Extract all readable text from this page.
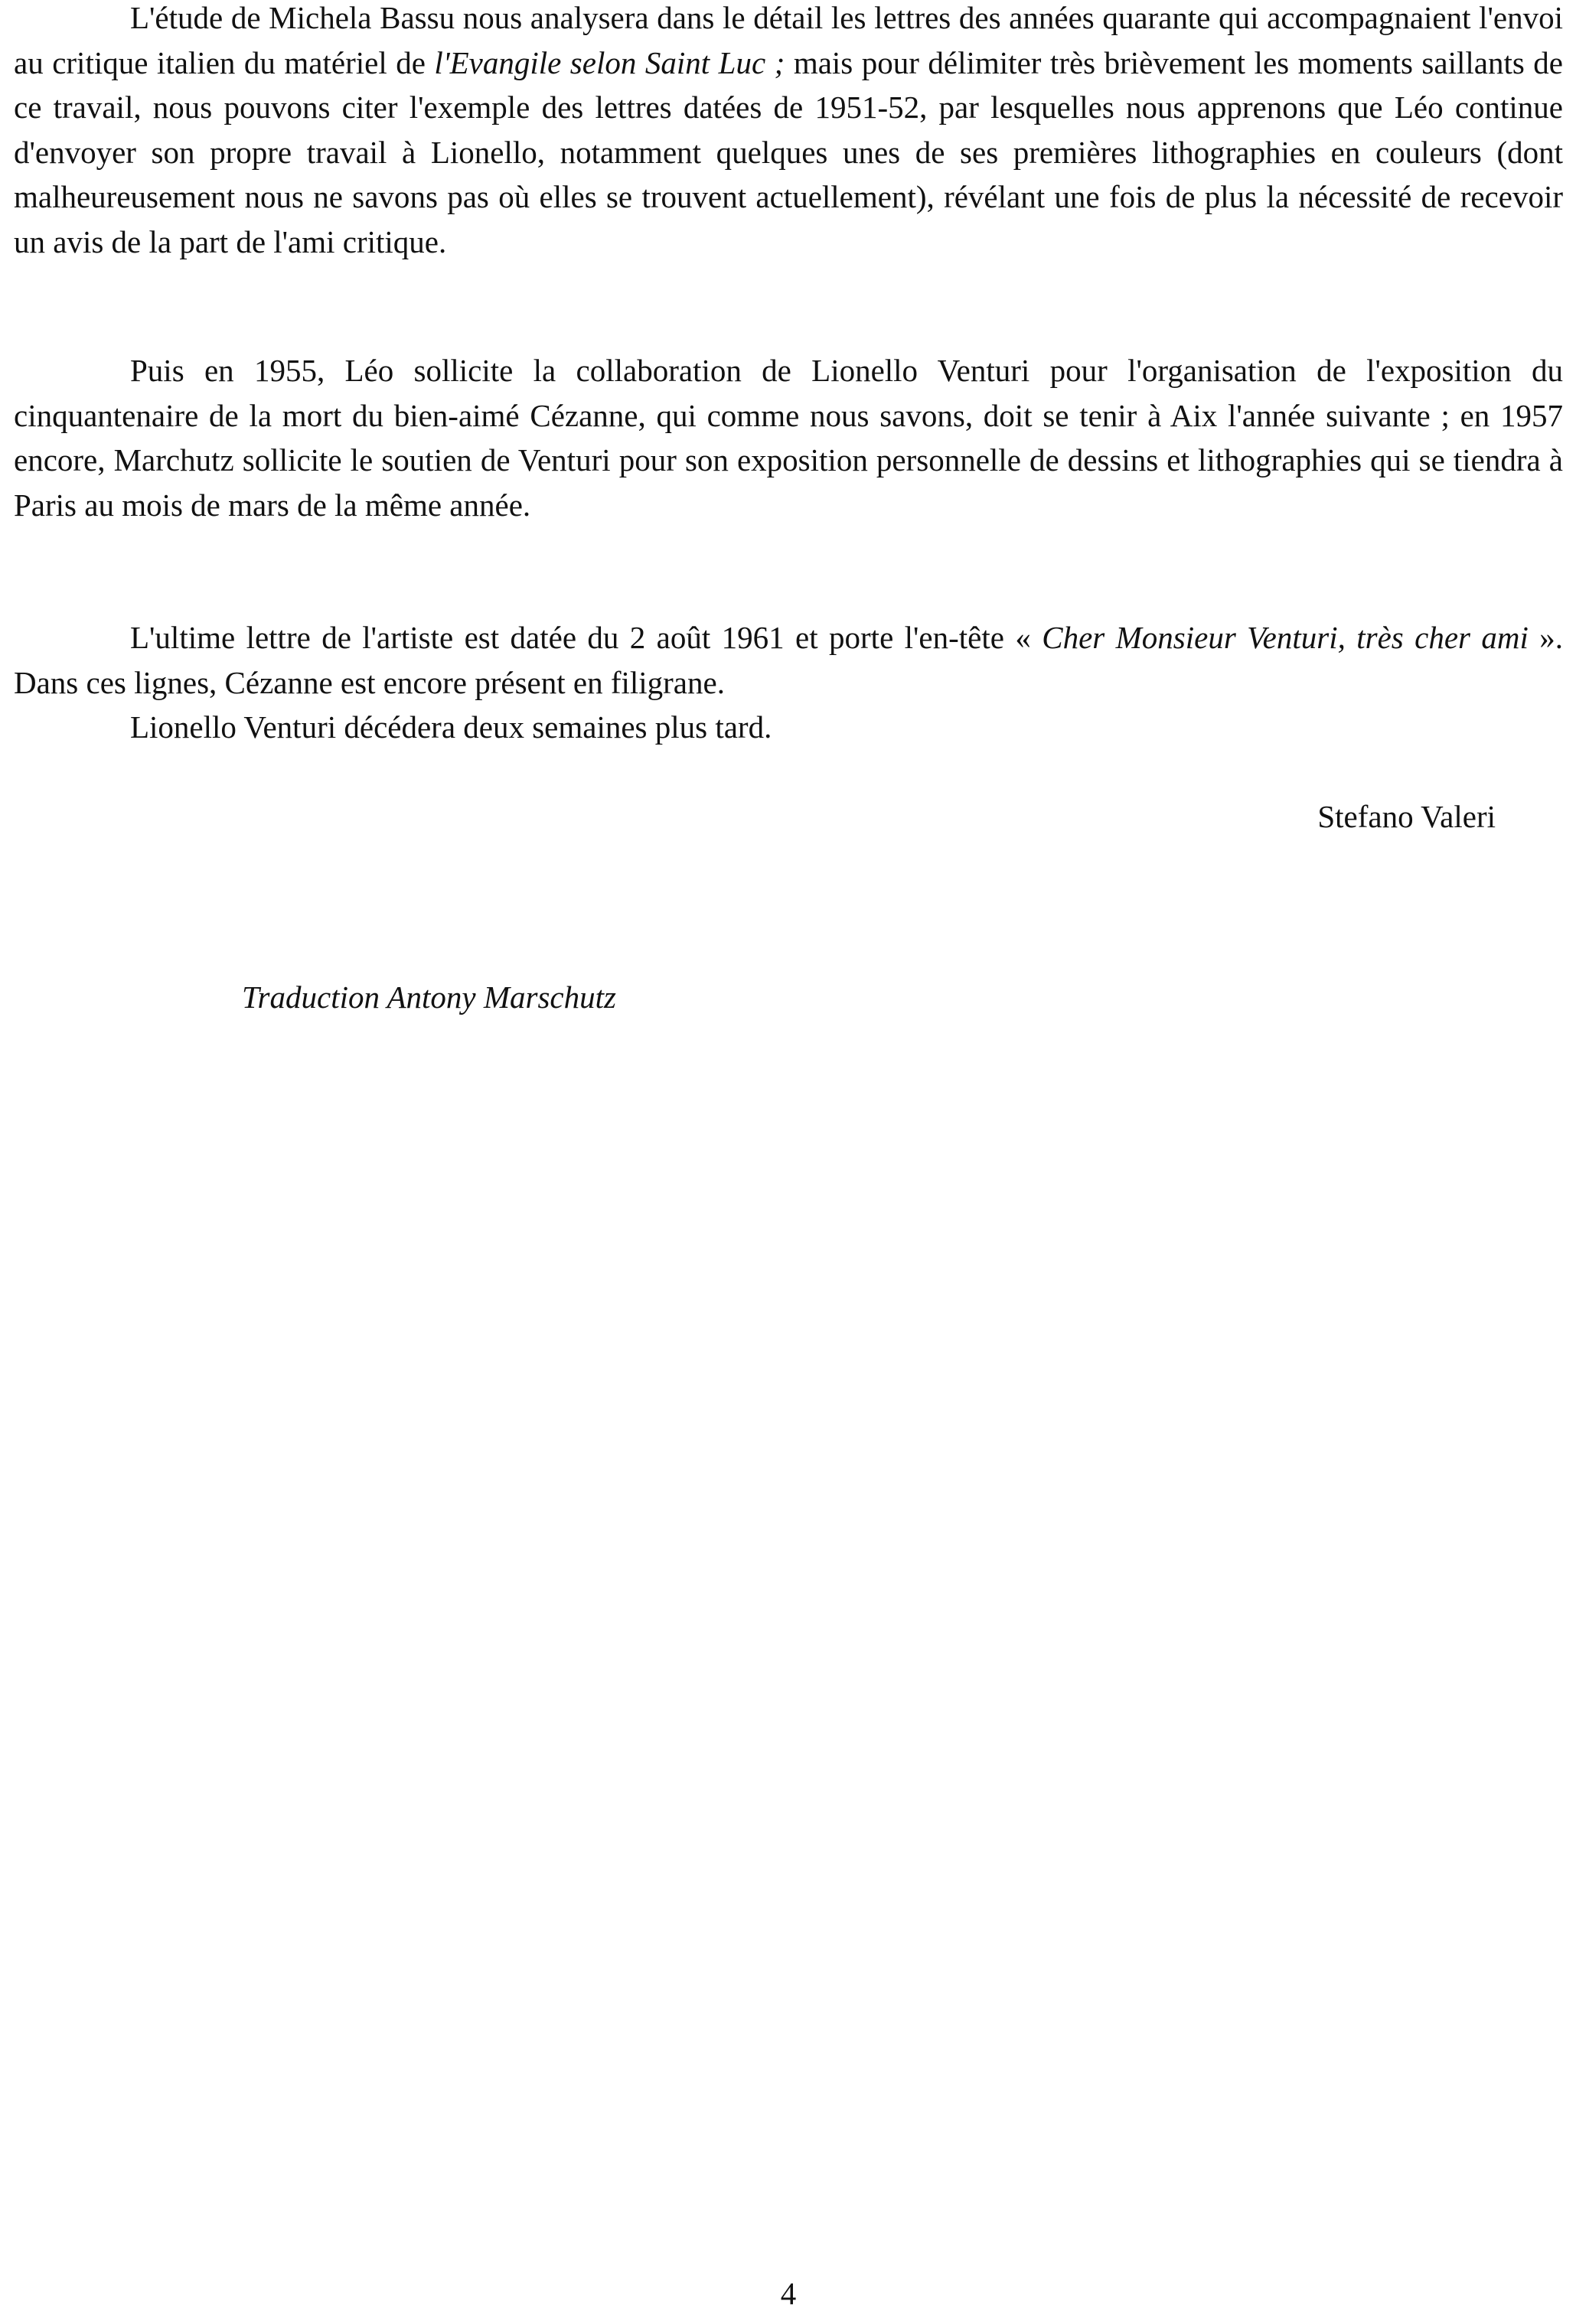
L'étude de Michela Bassu nous analysera dans le détail les lettres des années quarante qui accompagnaient l'envoi au critique italien du matériel de l'Evangile selon Saint Luc ; mais pour délimiter très brièvement les moments saillants de ce travail, nous pouvons citer l'exemple des lettres datées de 1951-52, par lesquelles nous apprenons que Léo continue d'envoyer son propre travail à Lionello, notamment quelques unes de ses premières lithographies en couleurs (dont malheureusement nous ne savons pas où elles se trouvent actuellement), révélant une fois de plus la nécessité de recevoir un avis de la part de l'ami critique.

Puis en 1955, Léo sollicite la collaboration de Lionello Venturi pour l'organisation de l'exposition du cinquantenaire de la mort du bien-aimé Cézanne, qui comme nous savons, doit se tenir à Aix l'année suivante ; en 1957 encore, Marchutz sollicite le soutien de Venturi pour son exposition personnelle de dessins et lithographies qui se tiendra à Paris au mois de mars de la même année.

L'ultime lettre de l'artiste est datée du 2 août 1961 et porte l'en-tête « Cher Monsieur Venturi, très cher ami ». Dans ces lignes, Cézanne est encore présent en filigrane.

Lionello Venturi décédera deux semaines plus tard.

Stefano Valeri

Traduction Antony Marschutz

4
